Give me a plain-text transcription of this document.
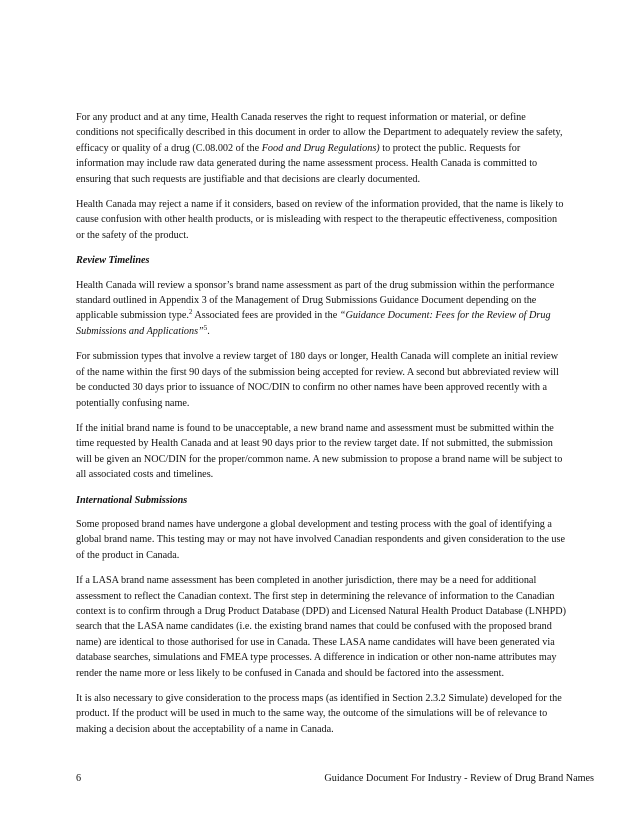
For any product and at any time, Health Canada reserves the right to request information or material, or define conditions not specifically described in this document in order to allow the Department to adequately review the safety, efficacy or quality of a drug (C.08.002 of the Food and Drug Regulations) to protect the public. Requests for information may include raw data generated during the name assessment process. Health Canada is committed to ensuring that such requests are justifiable and that decisions are clearly documented.

Health Canada may reject a name if it considers, based on review of the information provided, that the name is likely to cause confusion with other health products, or is misleading with respect to the therapeutic effectiveness, composition or the safety of the product.

Review Timelines

Health Canada will review a sponsor’s brand name assessment as part of the drug submission within the performance standard outlined in Appendix 3 of the Management of Drug Submissions Guidance Document depending on the applicable submission type.$^2$ Associated fees are provided in the “Guidance Document: Fees for the Review of Drug Submissions and Applications”$^5$.

For submission types that involve a review target of 180 days or longer, Health Canada will complete an initial review of the name within the first 90 days of the submission being accepted for review. A second but abbreviated review will be conducted 30 days prior to issuance of NOC/DIN to confirm no other names have been approved recently with a potentially confusing name.

If the initial brand name is found to be unacceptable, a new brand name and assessment must be submitted within the time requested by Health Canada and at least 90 days prior to the review target date. If not submitted, the submission will be given an NOC/DIN for the proper/common name. A new submission to propose a brand name will be subject to all associated costs and timelines.

International Submissions

Some proposed brand names have undergone a global development and testing process with the goal of identifying a global brand name. This testing may or may not have involved Canadian respondents and given consideration to the use of the product in Canada.

If a LASA brand name assessment has been completed in another jurisdiction, there may be a need for additional assessment to reflect the Canadian context. The first step in determining the relevance of information to the Canadian context is to confirm through a Drug Product Database (DPD) and Licensed Natural Health Product Database (LNHPD) search that the LASA name candidates (i.e. the existing brand names that could be confused with the proposed brand name) are identical to those authorised for use in Canada. These LASA name candidates will have been generated via database searches, simulations and FMEA type processes. A difference in indication or other non-name attributes may render the name more or less likely to be confused in Canada and should be factored into the assessment.

It is also necessary to give consideration to the process maps (as identified in Section 2.3.2 Simulate) developed for the product. If the product will be used in much to the same way, the outcome of the simulations will be of relevance to making a decision about the acceptability of a name in Canada.

6	Guidance Document For Industry - Review of Drug Brand Names
